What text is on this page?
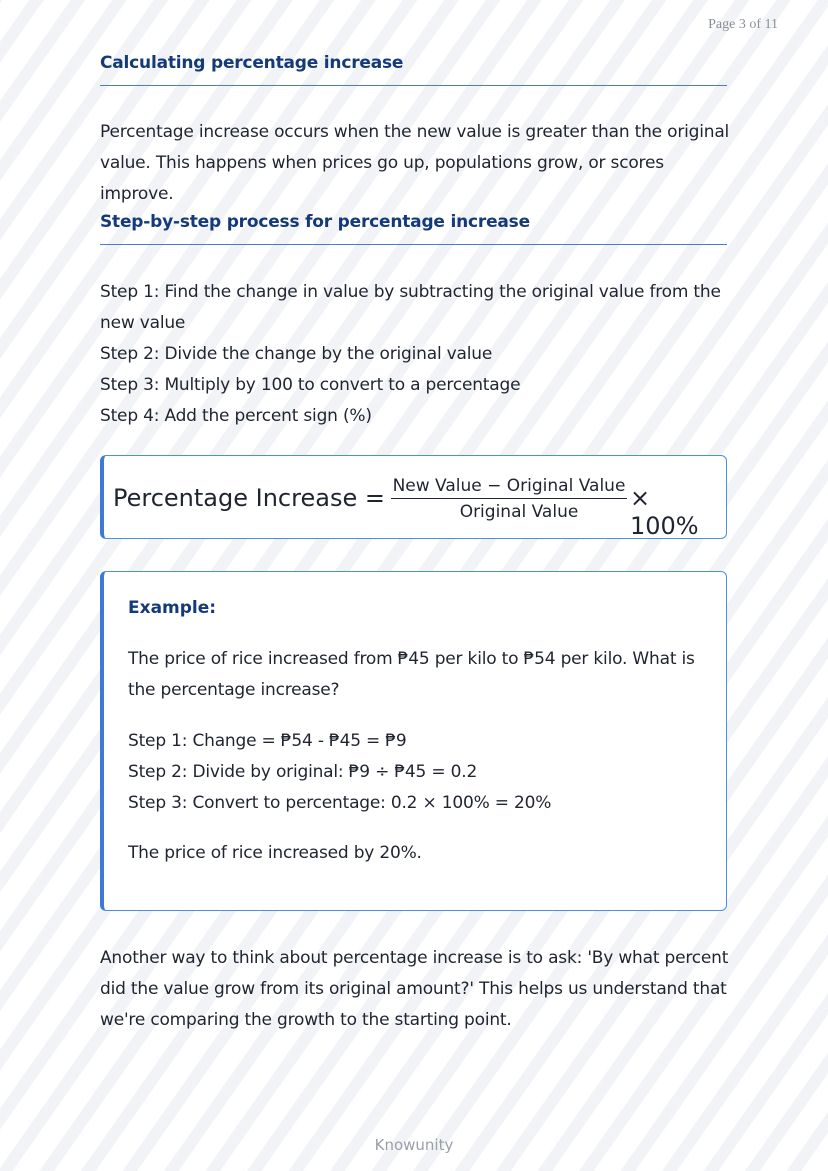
Page 3 of 11
Calculating percentage increase

Percentage increase occurs when the new value is greater than the original value. This happens when prices go up, populations grow, or scores improve.

Step-by-step process for percentage increase
Step 1: Find the change in value by subtracting the original value from the new value
Step 2: Divide the change by the original value
Step 3: Multiply by 100 to convert to a percentage
Step 4: Add the percent sign (%)
Percentage Increase = $\frac{\text{New Value − Original Value}}{\text{Original Value}} \times 100\%$
Example:

The price of rice increased from ₱45 per kilo to ₱54 per kilo. What is the percentage increase?

Step 1: Change = ₱54 - ₱45 = ₱9
Step 2: Divide by original: ₱9 ÷ ₱45 = 0.2
Step 3: Convert to percentage: 0.2 × 100% = 20%

The price of rice increased by 20%.

Another way to think about percentage increase is to ask: 'By what percent did the value grow from its original amount?' This helps us understand that we're comparing the growth to the starting point.

Knowunity
